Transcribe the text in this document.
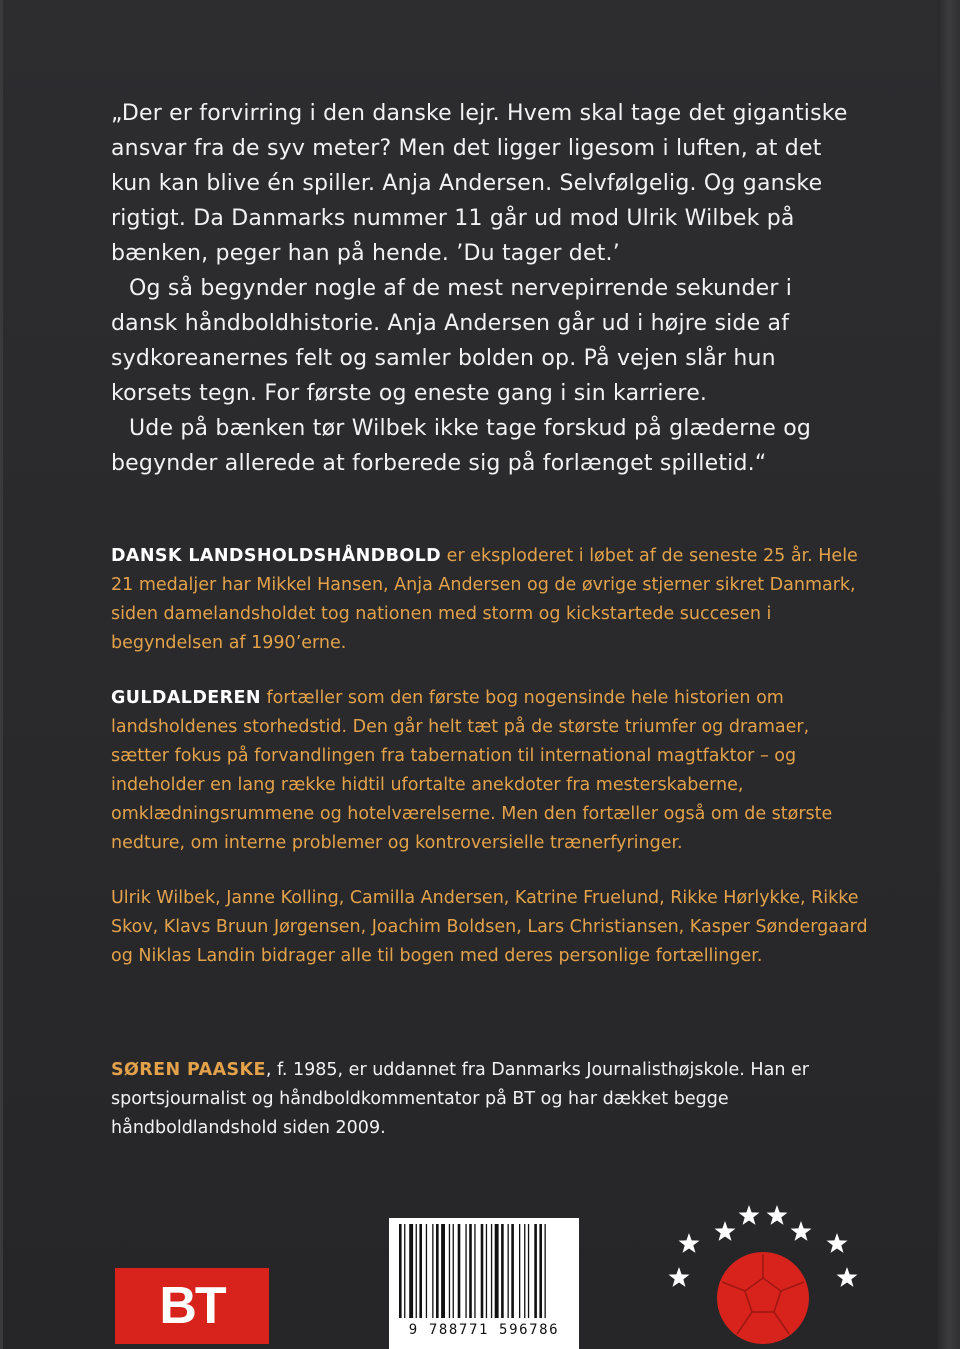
„Der er forvirring i den danske lejr. Hvem skal tage det gigantiske ansvar fra de syv meter? Men det ligger ligesom i luften, at det kun kan blive én spiller. Anja Andersen. Selvfølgelig. Og ganske rigtigt. Da Danmarks nummer 11 går ud mod Ulrik Wilbek på bænken, peger han på hende. ’Du tager det.’

Og så begynder nogle af de mest nervepirrende sekunder i dansk håndboldhistorie. Anja Andersen går ud i højre side af sydkoreanernes felt og samler bolden op. På vejen slår hun korsets tegn. For første og eneste gang i sin karriere.

Ude på bænken tør Wilbek ikke tage forskud på glæderne og begynder allerede at forberede sig på forlænget spilletid.“

DANSK LANDSHOLDSHÅNDBOLD er eksploderet i løbet af de seneste 25 år. Hele 21 medaljer har Mikkel Hansen, Anja Andersen og de øvrige stjerner sikret Danmark, siden damelandsholdet tog nationen med storm og kickstartede succesen i begyndelsen af 1990’erne.
GULDALDEREN fortæller som den første bog nogensinde hele historien om landsholdenes storhedstid. Den går helt tæt på de største triumfer og dramaer, sætter fokus på forvandlingen fra tabernation til international magtfaktor – og indeholder en lang række hidtil ufortalte anekdoter fra mesterskaberne, omklædningsrummene og hotelværelserne. Men den fortæller også om de største nedture, om interne problemer og kontroversielle trænerfyringer.
Ulrik Wilbek, Janne Kolling, Camilla Andersen, Katrine Fruelund, Rikke Hørlykke, Rikke Skov, Klavs Bruun Jørgensen, Joachim Boldsen, Lars Christiansen, Kasper Søndergaard og Niklas Landin bidrager alle til bogen med deres personlige fortællinger.
SØREN PAASKE, f. 1985, er uddannet fra Danmarks Journalisthøjskole. Han er sportsjournalist og håndboldkommentator på BT og har dækket begge håndboldlandshold siden 2009.
BT	9 788771 596786
